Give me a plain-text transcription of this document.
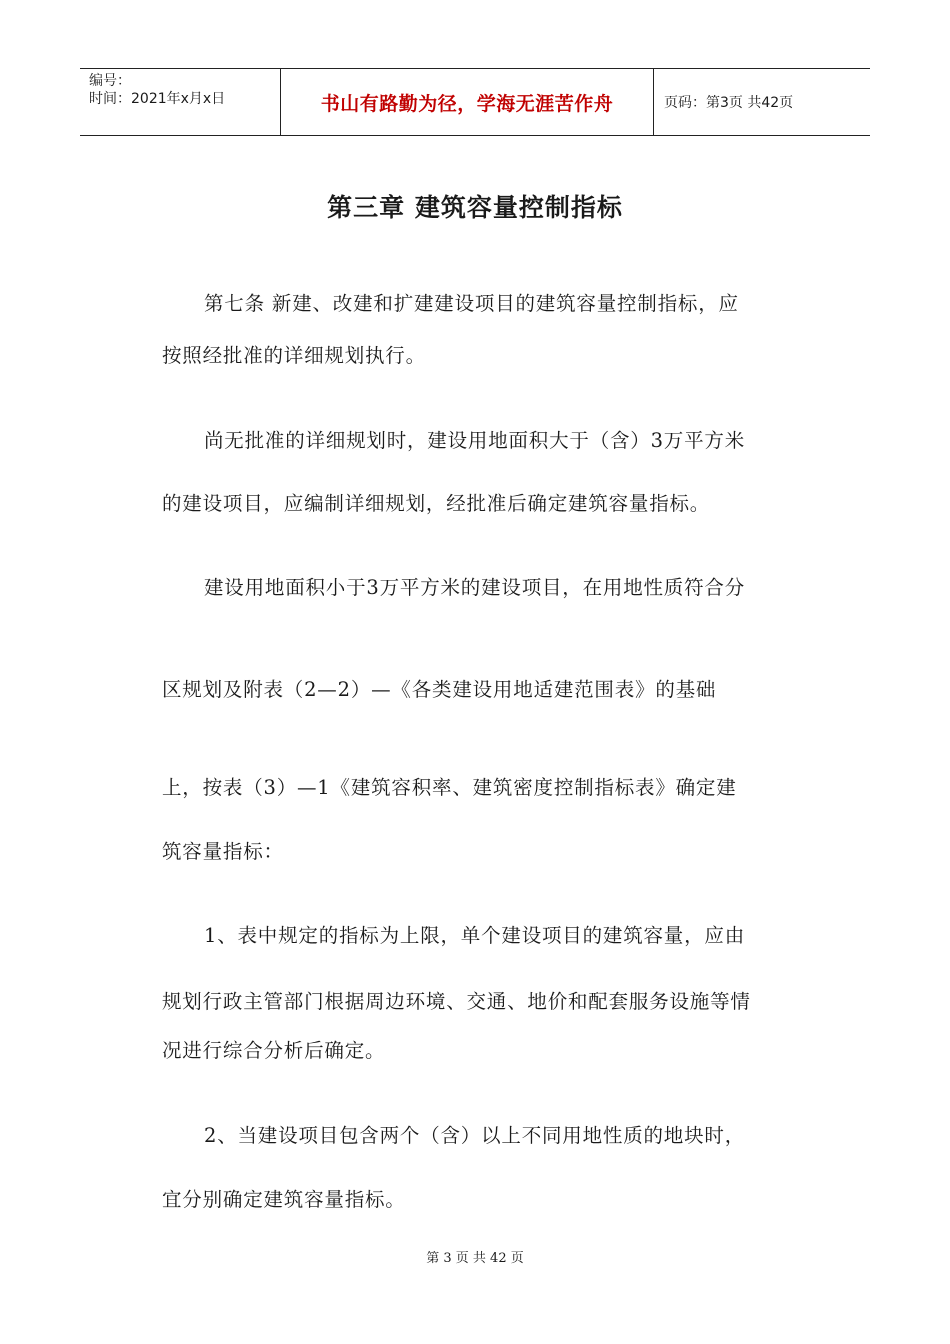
编号：
时间：2021年x月x日	书山有路勤为径，学海无涯苦作舟	页码：第3页 共42页
第三章 建筑容量控制指标
第七条 新建、改建和扩建建设项目的建筑容量控制指标，应
按照经批准的详细规划执行。
尚无批准的详细规划时，建设用地面积大于（含）3万平方米
的建设项目，应编制详细规划，经批准后确定建筑容量指标。
建设用地面积小于3万平方米的建设项目，在用地性质符合分
区规划及附表（2—2）—《各类建设用地适建范围表》的基础
上，按表（3）—1《建筑容积率、建筑密度控制指标表》确定建
筑容量指标：
1、表中规定的指标为上限，单个建设项目的建筑容量，应由
规划行政主管部门根据周边环境、交通、地价和配套服务设施等情
况进行综合分析后确定。
2、当建设项目包含两个（含）以上不同用地性质的地块时，
宜分别确定建筑容量指标。
第 3 页 共 42 页
